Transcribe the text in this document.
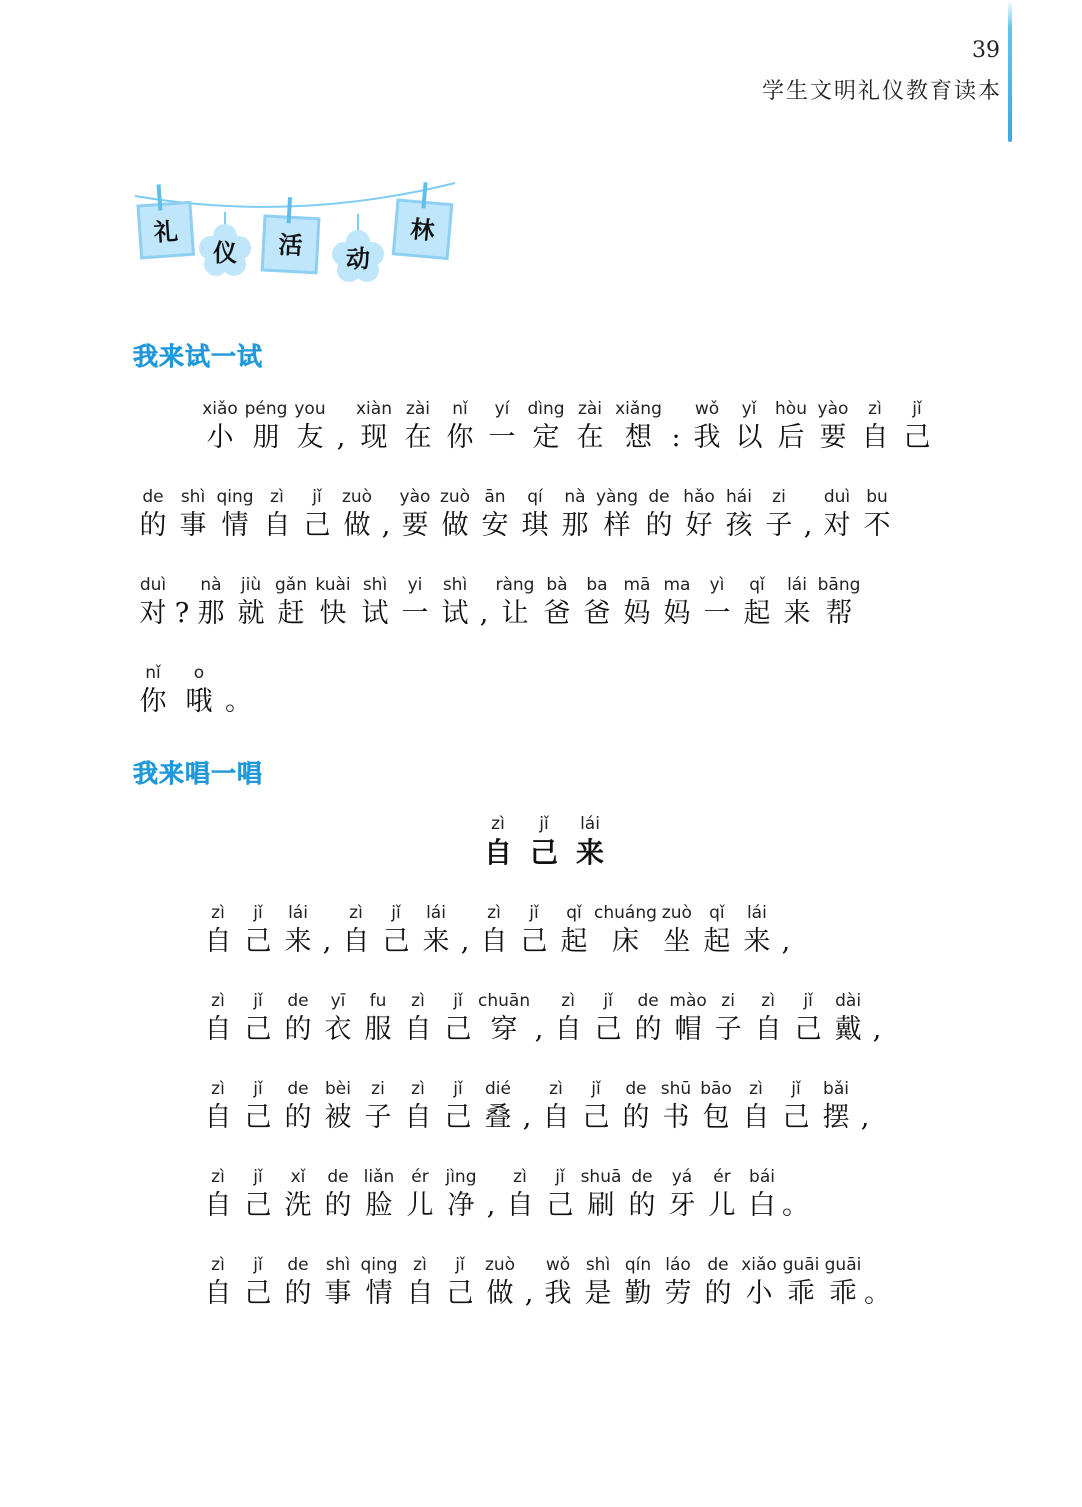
39
学生文明礼仪教育读本
礼
仪 活 动
林
我来试一试
xiǎo
小
péng
朋
you
友 ,
xiàn
现
zài
在
nǐ
你
yí
一
dìng
定
zài
在
xiǎng
想 :
wǒ
我
yǐ
以
hòu
后
yào
要
zì
自
jǐ
己
de
的
shì
事
qing
情
zì
自
jǐ
己
zuò
做 ,
yào
要
zuò
做
ān
安
qí
琪
nà
那
yàng
样
de
的
hǎo
好
hái
孩
zi
子 ,
duì
对
bu
不
duì
对 ?
nà
那
jiù
就
gǎn
赶
kuài
快
shì
试
yi
一
shì
试 ,
ràng
让
bà
爸
ba
爸
mā
妈
ma
妈
yì
一
qǐ
起
lái
来
bāng
帮
nǐ
你
o
哦 。
我来唱一唱
zì
自
jǐ
己
lái
来
zì
自
jǐ
己
lái
来 ,
zì
自
jǐ
己
lái
来 ,
zì
自
jǐ
己
qǐ
起
chuáng
床
zuò
坐
qǐ
起
lái
来 ,
zì
自
jǐ
己
de
的
yī
衣
fu
服
zì
自
jǐ
己
chuān
穿 ,
zì
自
jǐ
己
de
的
mào
帽
zi
子
zì
自
jǐ
己
dài
戴 ,
zì
自
jǐ
己
de
的
bèi
被
zi
子
zì
自
jǐ
己
dié
叠 ,
zì
自
jǐ
己
de
的
shū
书
bāo
包
zì
自
jǐ
己
bǎi
摆 ,
zì
自
jǐ
己
xǐ
洗
de
的
liǎn
脸
ér
儿
jìng
净 ,
zì
自
jǐ
己
shuā
刷
de
的
yá
牙
ér
儿
bái
白 。
zì
自
jǐ
己
de
的
shì
事
qing
情
zì
自
jǐ
己
zuò
做 ,
wǒ
我
shì
是
qín
勤
láo
劳
de
的
xiǎo
小
guāi
乖
guāi
乖 。
